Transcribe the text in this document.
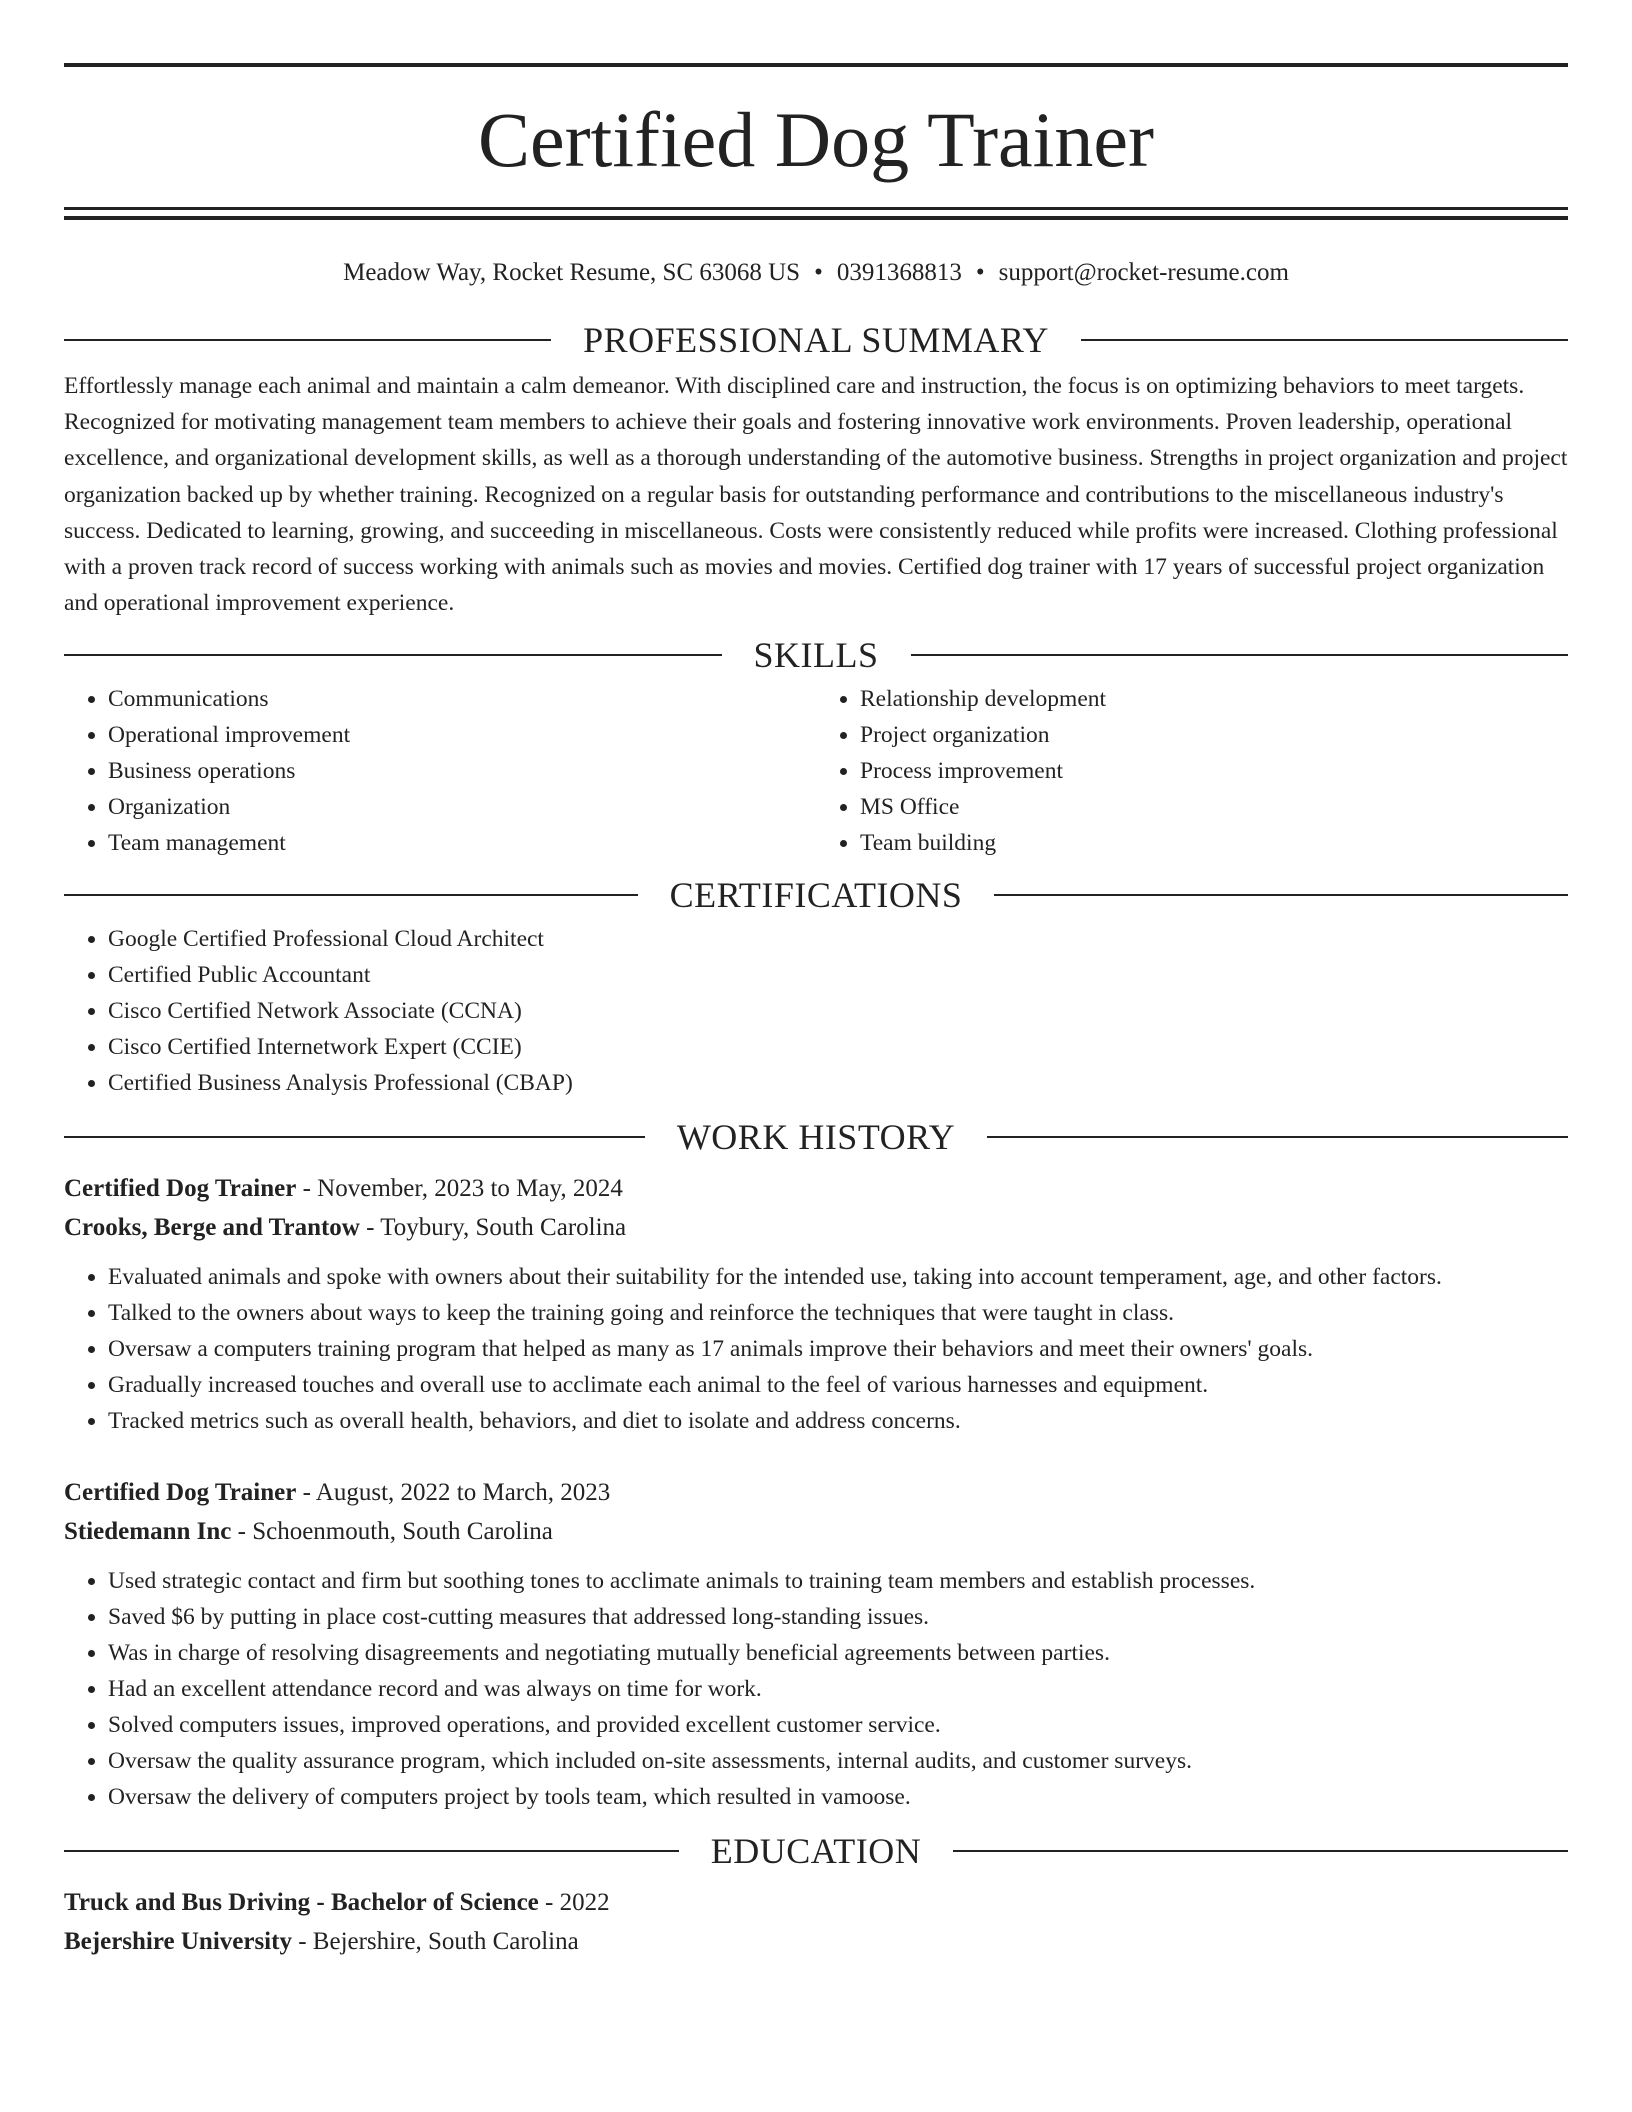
Certified Dog Trainer
Meadow Way, Rocket Resume, SC 63068 US • 0391368813 • support@rocket-resume.com
PROFESSIONAL SUMMARY

Effortlessly manage each animal and maintain a calm demeanor. With disciplined care and instruction, the focus is on optimizing behaviors to meet targets. Recognized for motivating management team members to achieve their goals and fostering innovative work environments. Proven leadership, operational excellence, and organizational development skills, as well as a thorough understanding of the automotive business. Strengths in project organization and project organization backed up by whether training. Recognized on a regular basis for outstanding performance and contributions to the miscellaneous industry's success. Dedicated to learning, growing, and succeeding in miscellaneous. Costs were consistently reduced while profits were increased. Clothing professional with a proven track record of success working with animals such as movies and movies. Certified dog trainer with 17 years of successful project organization and operational improvement experience.

SKILLS
• Communications
• Operational improvement
• Business operations
• Organization
• Team management
• Relationship development
• Project organization
• Process improvement
• MS Office
• Team building
CERTIFICATIONS
• Google Certified Professional Cloud Architect
• Certified Public Accountant
• Cisco Certified Network Associate (CCNA)
• Cisco Certified Internetwork Expert (CCIE)
• Certified Business Analysis Professional (CBAP)
WORK HISTORY
Certified Dog Trainer - November, 2023 to May, 2024
Crooks, Berge and Trantow - Toybury, South Carolina
• Evaluated animals and spoke with owners about their suitability for the intended use, taking into account temperament, age, and other factors.
• Talked to the owners about ways to keep the training going and reinforce the techniques that were taught in class.
• Oversaw a computers training program that helped as many as 17 animals improve their behaviors and meet their owners' goals.
• Gradually increased touches and overall use to acclimate each animal to the feel of various harnesses and equipment.
• Tracked metrics such as overall health, behaviors, and diet to isolate and address concerns.
Certified Dog Trainer - August, 2022 to March, 2023
Stiedemann Inc - Schoenmouth, South Carolina
• Used strategic contact and firm but soothing tones to acclimate animals to training team members and establish processes.
• Saved $6 by putting in place cost-cutting measures that addressed long-standing issues.
• Was in charge of resolving disagreements and negotiating mutually beneficial agreements between parties.
• Had an excellent attendance record and was always on time for work.
• Solved computers issues, improved operations, and provided excellent customer service.
• Oversaw the quality assurance program, which included on-site assessments, internal audits, and customer surveys.
• Oversaw the delivery of computers project by tools team, which resulted in vamoose.
EDUCATION
Truck and Bus Driving - Bachelor of Science - 2022
Bejershire University - Bejershire, South Carolina
